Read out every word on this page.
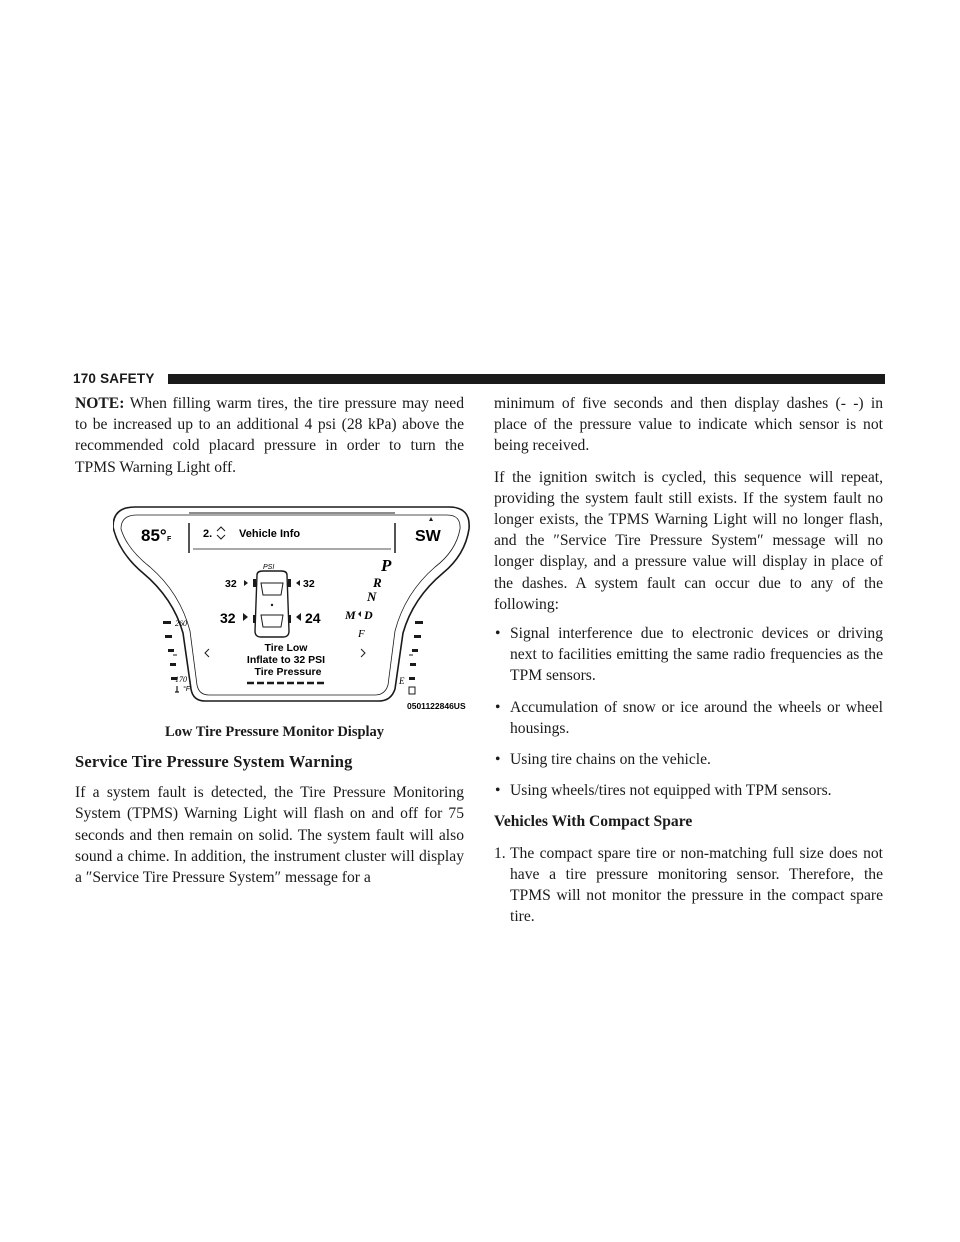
170 SAFETY

NOTE: When filling warm tires, the tire pressure may need to be increased up to an additional 4 psi (28 kPa) above the recommended cold placard pressure in order to turn the TPMS Warning Light off.

85° F	2. Vehicle Info	SW
PSI
32	32
32	24
P
R
N
M D
F
260
170
°F
E
Tire Low
Inflate to 32 PSI
Tire Pressure
0501122846US
Low Tire Pressure Monitor Display
Service Tire Pressure System Warning

If a system fault is detected, the Tire Pressure Monitoring System (TPMS) Warning Light will flash on and off for 75 seconds and then remain on solid. The system fault will also sound a chime. In addition, the instrument cluster will display a ″Service Tire Pressure System″ message for a

minimum of five seconds and then display dashes (- -) in place of the pressure value to indicate which sensor is not being received.

If the ignition switch is cycled, this sequence will repeat, providing the system fault still exists. If the system fault no longer exists, the TPMS Warning Light will no longer flash, and the ″Service Tire Pressure System″ message will no longer display, and a pressure value will display in place of the dashes. A system fault can occur due to any of the following:

• Signal interference due to electronic devices or driving next to facilities emitting the same radio frequencies as the TPM sensors.
• Accumulation of snow or ice around the wheels or wheel housings.
• Using tire chains on the vehicle.
• Using wheels/tires not equipped with TPM sensors.

Vehicles With Compact Spare

1. The compact spare tire or non-matching full size does not have a tire pressure monitoring sensor. Therefore, the TPMS will not monitor the pressure in the compact spare tire.
